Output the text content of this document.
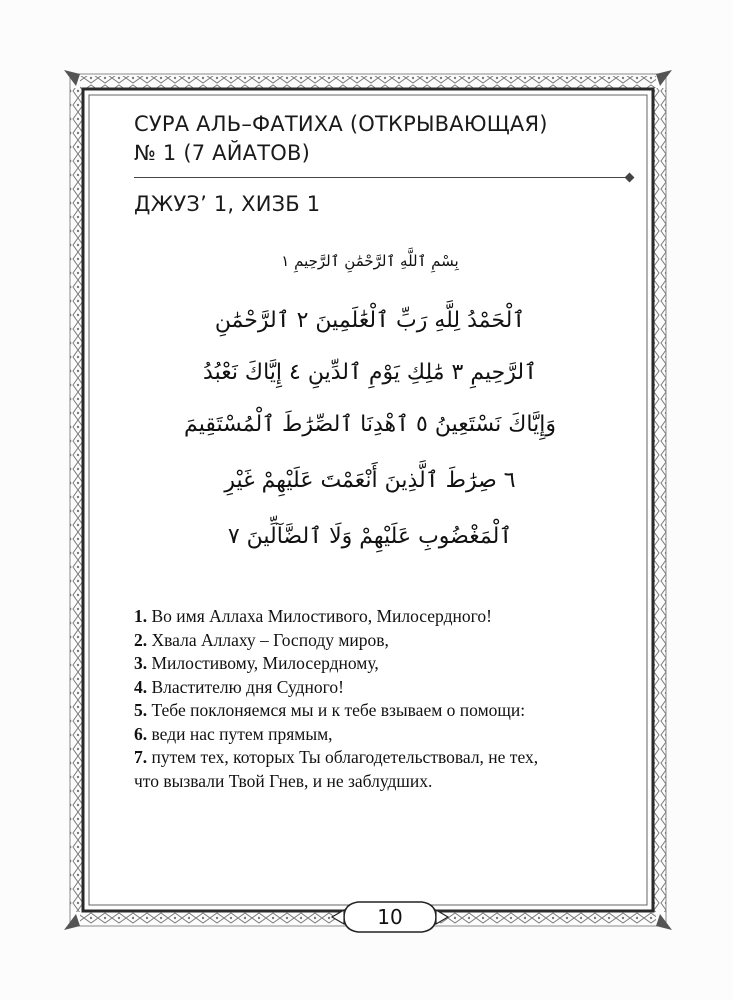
СУРА АЛЬ–ФАТИХА (ОТКРЫВАЮЩАЯ)
№ 1 (7 АЙАТОВ)
ДЖУЗ’ 1, ХИЗБ 1
بِسْمِ ٱللَّهِ ٱلرَّحْمَٰنِ ٱلرَّحِيمِ ١
ٱلْحَمْدُ لِلَّهِ رَبِّ ٱلْعَٰلَمِينَ ٢ ٱلرَّحْمَٰنِ
ٱلرَّحِيمِ ٣ مَٰلِكِ يَوْمِ ٱلدِّينِ ٤ إِيَّاكَ نَعْبُدُ
وَإِيَّاكَ نَسْتَعِينُ ٥ ٱهْدِنَا ٱلصِّرَٰطَ ٱلْمُسْتَقِيمَ
٦ صِرَٰطَ ٱلَّذِينَ أَنْعَمْتَ عَلَيْهِمْ غَيْرِ
ٱلْمَغْضُوبِ عَلَيْهِمْ وَلَا ٱلضَّآلِّينَ ٧
1. Во имя Аллаха Милостивого, Милосердного!
2. Хвала Аллаху – Господу миров,
3. Милостивому, Милосердному,
4. Властителю дня Судного!
5. Тебе поклоняемся мы и к тебе взываем о помощи:
6. веди нас путем прямым,
7. путем тех, которых Ты облагодетельствовал, не тех,
что вызвали Твой Гнев, и не заблудших.
10
